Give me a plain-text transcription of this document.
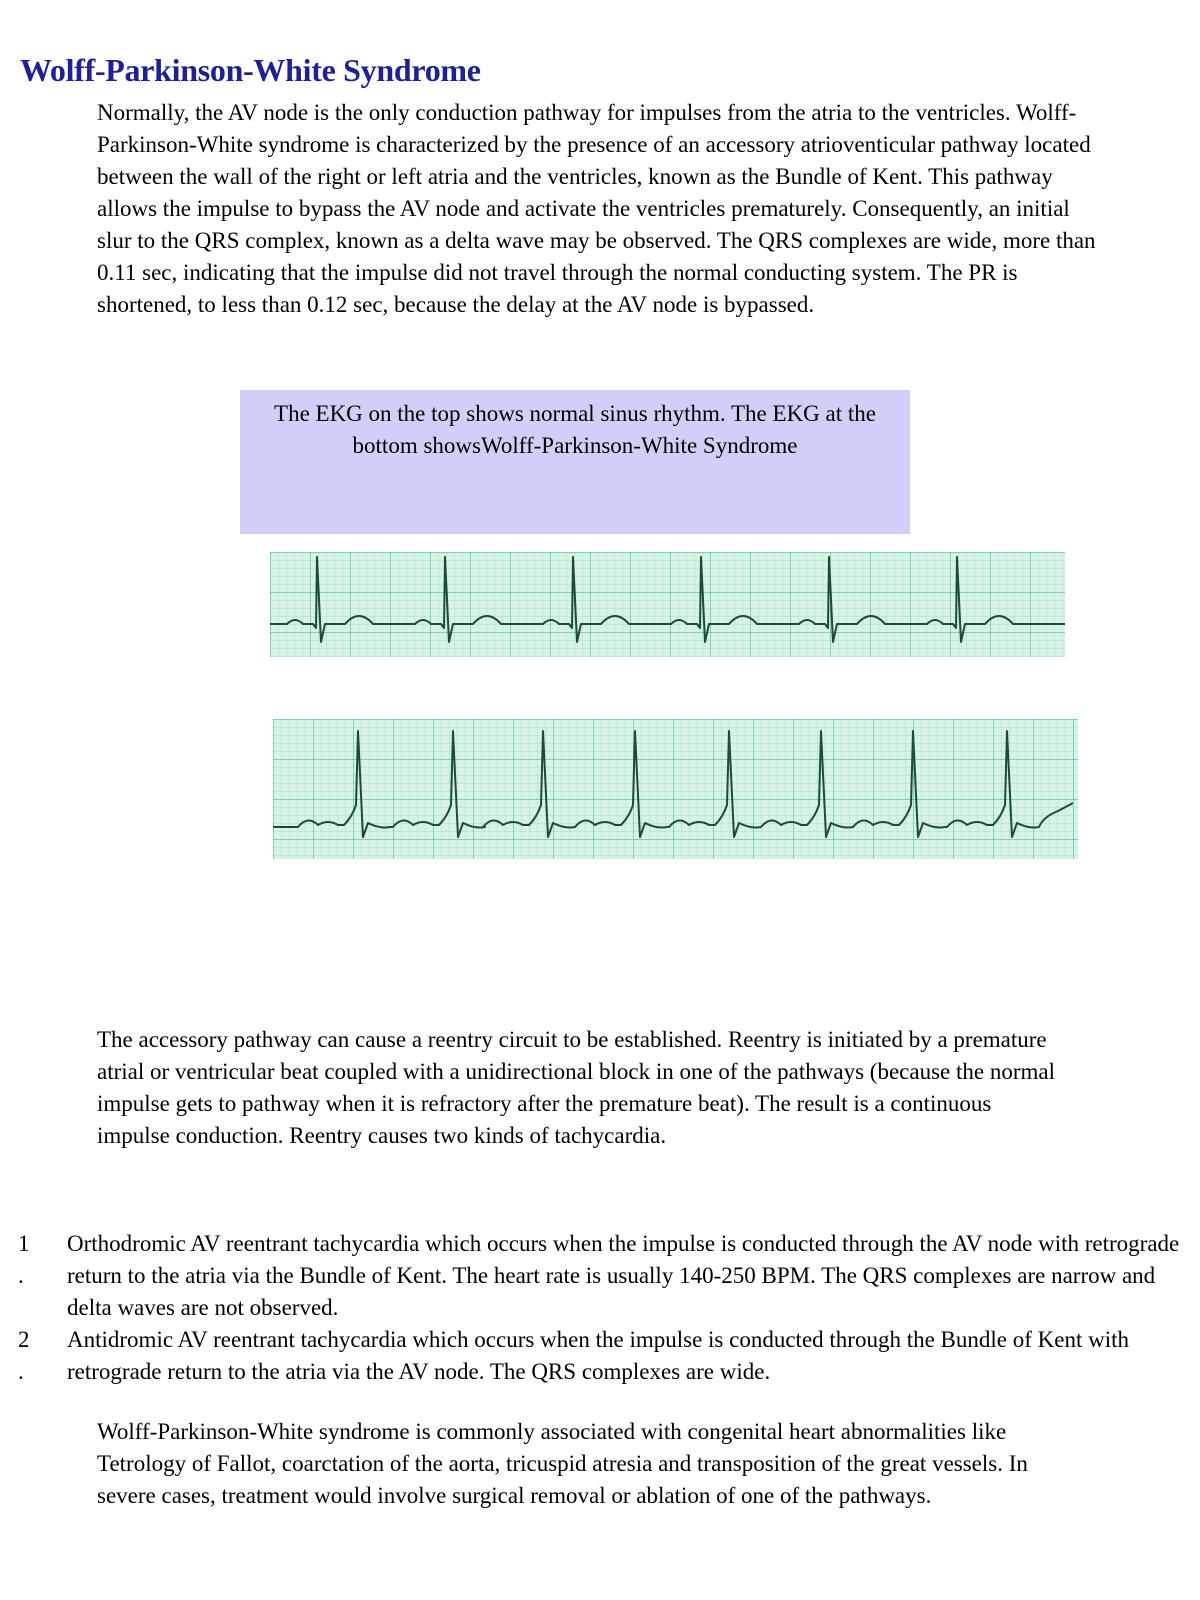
Wolff-Parkinson-White Syndrome

Normally, the AV node is the only conduction pathway for impulses from the atria to the ventricles. Wolff-Parkinson-White syndrome is characterized by the presence of an accessory atrioventicular pathway located between the wall of the right or left atria and the ventricles, known as the Bundle of Kent. This pathway allows the impulse to bypass the AV node and activate the ventricles prematurely. Consequently, an initial slur to the QRS complex, known as a delta wave may be observed. The QRS complexes are wide, more than 0.11 sec, indicating that the impulse did not travel through the normal conducting system. The PR is shortened, to less than 0.12 sec, because the delay at the AV node is bypassed.

The EKG on the top shows normal sinus rhythm. The EKG at the bottom showsWolff-Parkinson-White Syndrome

The accessory pathway can cause a reentry circuit to be established. Reentry is initiated by a premature atrial or ventricular beat coupled with a unidirectional block in one of the pathways (because the normal impulse gets to pathway when it is refractory after the premature beat). The result is a continuous impulse conduction. Reentry causes two kinds of tachycardia.

1
.
Orthodromic AV reentrant tachycardia which occurs when the impulse is conducted through the AV node with retrograde return to the atria via the Bundle of Kent. The heart rate is usually 140-250 BPM. The QRS complexes are narrow and delta waves are not observed.
2
.
Antidromic AV reentrant tachycardia which occurs when the impulse is conducted through the Bundle of Kent with retrograde return to the atria via the AV node. The QRS complexes are wide.

Wolff-Parkinson-White syndrome is commonly associated with congenital heart abnormalities like Tetrology of Fallot, coarctation of the aorta, tricuspid atresia and transposition of the great vessels. In severe cases, treatment would involve surgical removal or ablation of one of the pathways.
